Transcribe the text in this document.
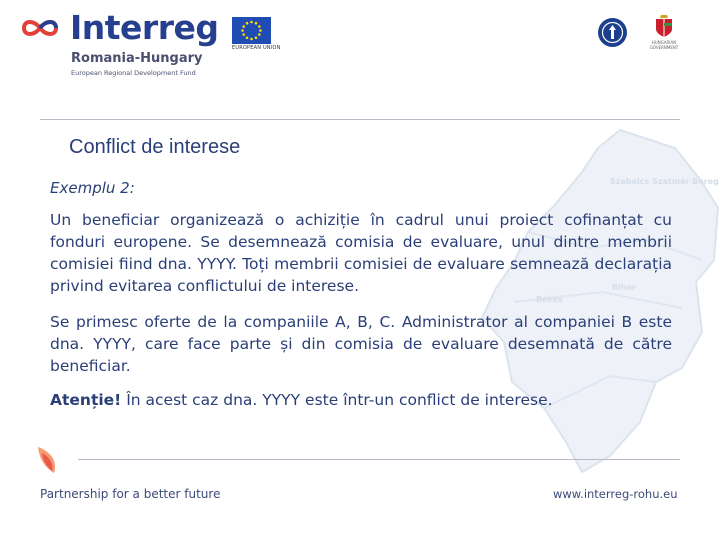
Szabolcs Szatmár Bereg
Bihor
Békés
Interreg
Romania-Hungary
European Regional Development Fund
EUROPEAN UNION
HUNGARIAN GOVERNMENT
Conflict de interese
Exemplu 2:

Un beneficiar organizează o achiziție în cadrul unui proiect cofinanțat cu fonduri europene. Se desemnează comisia de evaluare, unul dintre membrii comisiei fiind dna. YYYY. Toți membrii comisiei de evaluare semnează declarația privind evitarea conflictului de interese.

Se primesc oferte de la companiile A, B, C. Administrator al companiei B este dna. YYYY, care face parte și din comisia de evaluare desemnată de către beneficiar.

Atenție! În acest caz dna. YYYY este într-un conflict de interese.

Partnership for a better future	www.interreg-rohu.eu
